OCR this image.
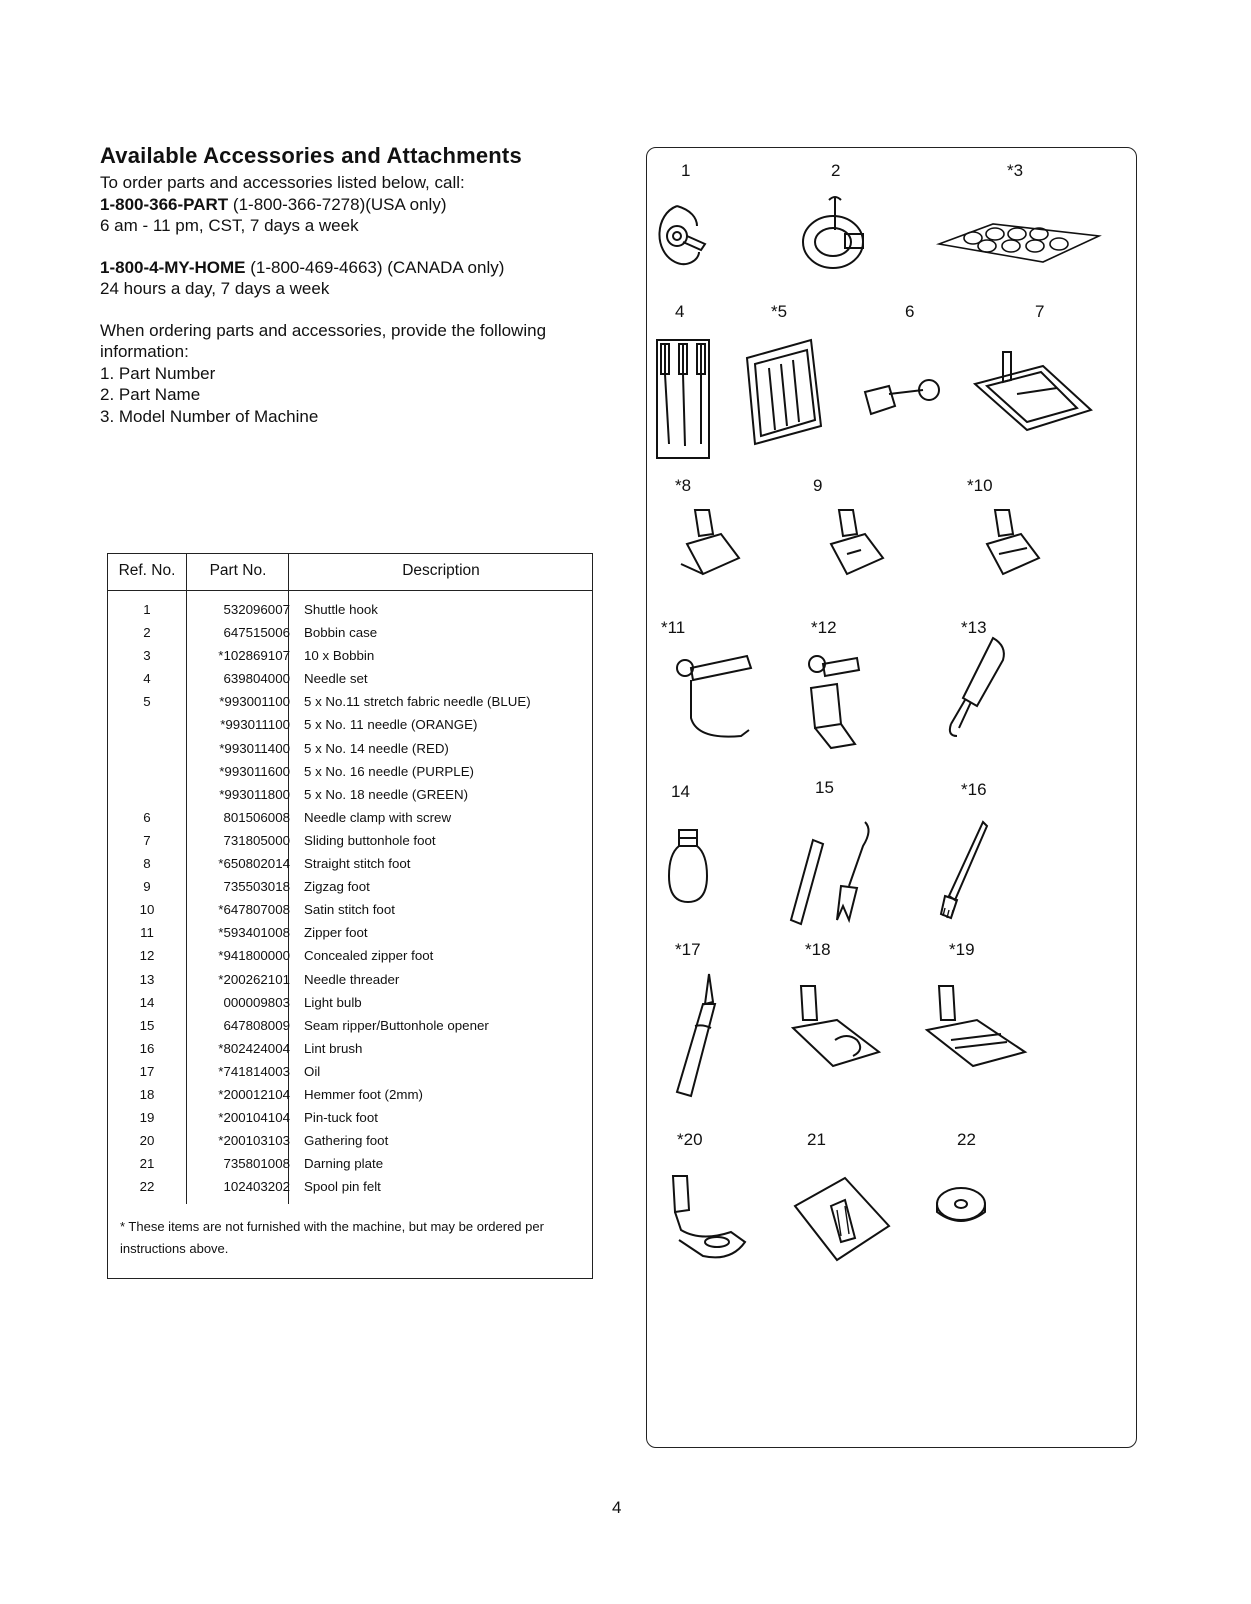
Available Accessories and Attachments
To order parts and accessories listed below, call:
1-800-366-PART (1-800-366-7278)(USA only)
6 am - 11 pm, CST, 7 days a week
1-800-4-MY-HOME (1-800-469-4663) (CANADA only)
24 hours a day, 7 days a week
When ordering parts and accessories, provide the following
information:
1. Part Number
2. Part Name
3. Model Number of Machine
Ref. No.	Part No.	Description
1	532096007 Shuttle hook
2	647515006 Bobbin case
3	*102869107 10 x Bobbin
4	639804000 Needle set
5	*993001100 5 x No.11 stretch fabric needle (BLUE)
*993011100 5 x No. 11 needle (ORANGE)
*993011400 5 x No. 14 needle (RED)
*993011600 5 x No. 16 needle (PURPLE)
*993011800 5 x No. 18 needle (GREEN)
6	801506008 Needle clamp with screw
7	731805000 Sliding buttonhole foot
8	*650802014 Straight stitch foot
9	735503018 Zigzag foot
10	*647807008 Satin stitch foot
11	*593401008 Zipper foot
12	*941800000 Concealed zipper foot
13	*200262101 Needle threader
14	000009803 Light bulb
15	647808009 Seam ripper/Buttonhole opener
16	*802424004 Lint brush
17	*741814003 Oil
18	*200012104 Hemmer foot (2mm)
19	*200104104 Pin-tuck foot
20	*200103103 Gathering foot
21	735801008 Darning plate
22	102403202 Spool pin felt
* These items are not furnished with the machine, but may be ordered per instructions above.
1	2	*3
4	*5	6	7
*8	9	*10
*11	*12	*13
14	15	*16
*17	*18	*19
*20	21	22
4
